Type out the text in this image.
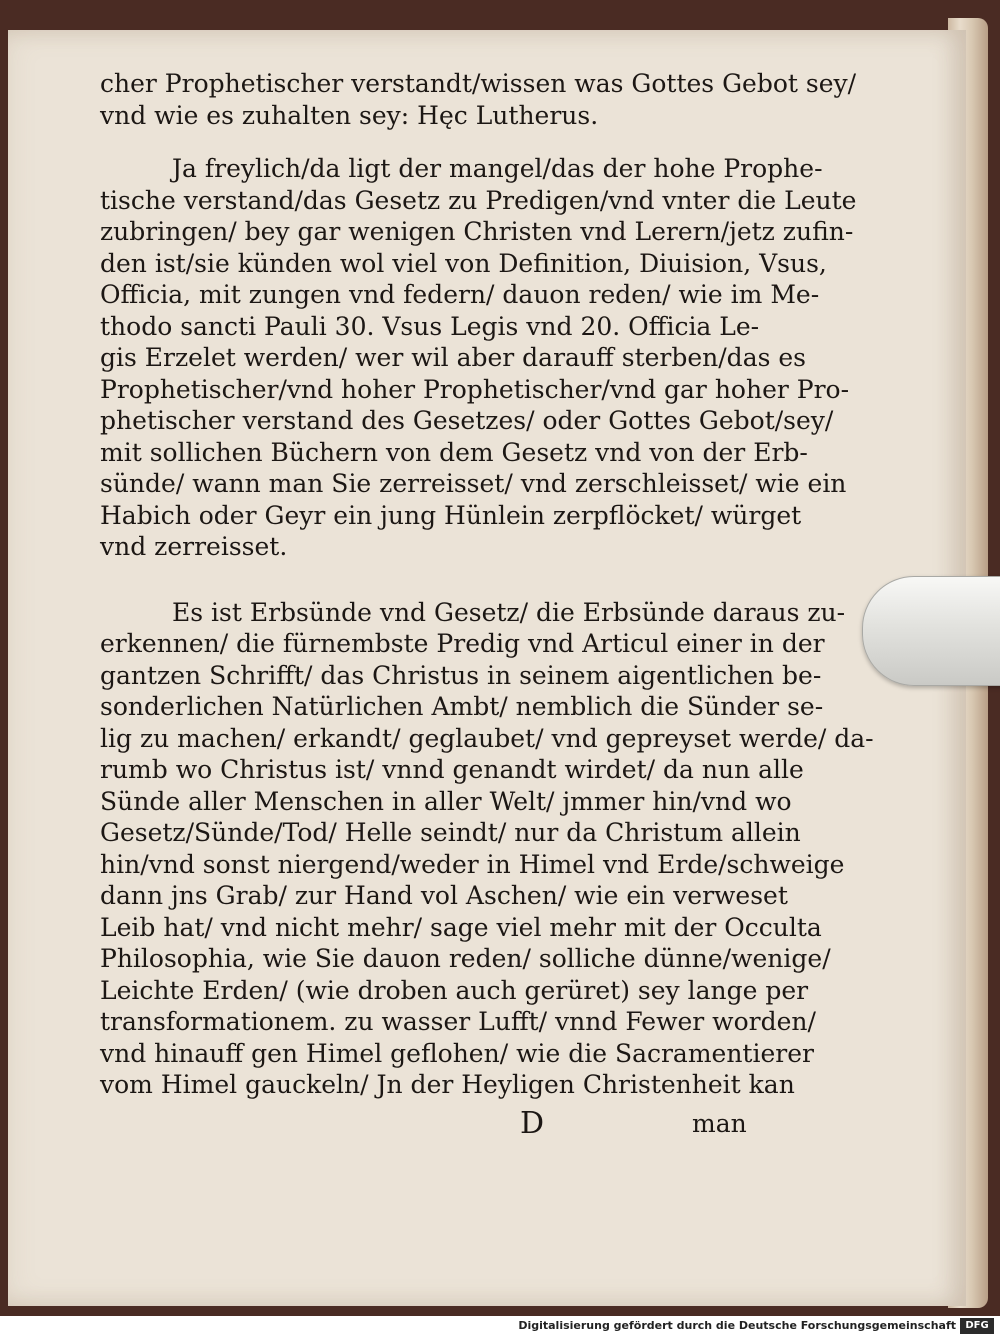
cher Prophetischer verstandt/wissen was Gottes Gebot sey/
vnd wie es zuhalten sey: Hęc Lutherus.

Ja freylich/da ligt der mangel/das der hohe Prophe-
tische verstand/das Gesetz zu Predigen/vnd vnter die Leute
zubringen/ bey gar wenigen Christen vnd Lerern/jetz zufin-
den ist/sie künden wol viel von Definition, Diuision, Vsus,
Officia, mit zungen vnd federn/ dauon reden/ wie im Me-
thodo sancti Pauli 30. Vsus Legis vnd 20. Officia Le-
gis Erzelet werden/ wer wil aber darauff sterben/das es
Prophetischer/vnd hoher Prophetischer/vnd gar hoher Pro-
phetischer verstand des Gesetzes/ oder Gottes Gebot/sey/
mit sollichen Büchern von dem Gesetz vnd von der Erb-
sünde/ wann man Sie zerreisset/ vnd zerschleisset/ wie ein
Habich oder Geyr ein jung Hünlein zerpflöcket/ würget
vnd zerreisset.

Es ist Erbsünde vnd Gesetz/ die Erbsünde daraus zu-
erkennen/ die fürnembste Predig vnd Articul einer in der
gantzen Schrifft/ das Christus in seinem aigentlichen be-
sonderlichen Natürlichen Ambt/ nemblich die Sünder se-
lig zu machen/ erkandt/ geglaubet/ vnd gepreyset werde/ da-
rumb wo Christus ist/ vnnd genandt wirdet/ da nun alle
Sünde aller Menschen in aller Welt/ jmmer hin/vnd wo
Gesetz/Sünde/Tod/ Helle seindt/ nur da Christum allein
hin/vnd sonst niergend/weder in Himel vnd Erde/schweige
dann jns Grab/ zur Hand vol Aschen/ wie ein verweset
Leib hat/ vnd nicht mehr/ sage viel mehr mit der Occulta
Philosophia, wie Sie dauon reden/ solliche dünne/wenige/
Leichte Erden/ (wie droben auch gerüret) sey lange per
transformationem. zu wasser Lufft/ vnnd Fewer worden/
vnd hinauff gen Himel geflohen/ wie die Sacramentierer
vom Himel gauckeln/ Jn der Heyligen Christenheit kan

D	man
Digitalisierung gefördert durch die Deutsche Forschungsgemeinschaft DFG
